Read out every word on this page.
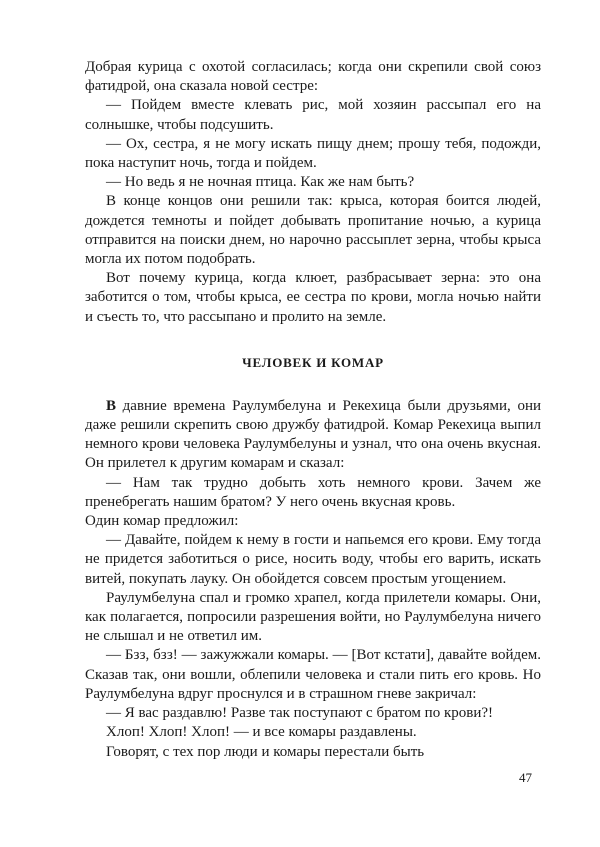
Добрая курица с охотой согласилась; когда они скрепили свой союз фатидрой, она сказала новой сестре:

— Пойдем вместе клевать рис, мой хозяин рассыпал его на солнышке, чтобы подсушить.

— Ох, сестра, я не могу искать пищу днем; прошу тебя, подожди, пока наступит ночь, тогда и пойдем.

— Но ведь я не ночная птица. Как же нам быть?

В конце концов они решили так: крыса, которая боится людей, дождется темноты и пойдет добывать пропитание ночью, а курица отправится на поиски днем, но нарочно рассыплет зерна, чтобы крыса могла их потом подобрать.

Вот почему курица, когда клюет, разбрасывает зерна: это она заботится о том, чтобы крыса, ее сестра по крови, могла ночью найти и съесть то, что рассыпано и пролито на земле.

ЧЕЛОВЕК И КОМАР

В давние времена Раулумбелуна и Рекехица были друзьями, они даже решили скрепить свою дружбу фатидрой. Комар Рекехица выпил немного крови человека Раулумбелуны и узнал, что она очень вкусная. Он прилетел к другим комарам и сказал:

— Нам так трудно добыть хоть немного крови. Зачем же пренебрегать нашим братом? У него очень вкусная кровь.

Один комар предложил:

— Давайте, пойдем к нему в гости и напьемся его крови. Ему тогда не придется заботиться о рисе, носить воду, чтобы его варить, искать витей, покупать лауку. Он обойдется совсем простым угощением.

Раулумбелуна спал и громко храпел, когда прилетели комары. Они, как полагается, попросили разрешения войти, но Раулумбелуна ничего не слышал и не ответил им.

— Бзз, бзз! — зажужжали комары. — [Вот кстати], давайте войдем. Сказав так, они вошли, облепили человека и стали пить его кровь. Но Раулумбелуна вдруг проснулся и в страшном гневе закричал:

— Я вас раздавлю! Разве так поступают с братом по крови?!

Хлоп! Хлоп! Хлоп! — и все комары раздавлены.

Говорят, с тех пор люди и комары перестали быть

47
